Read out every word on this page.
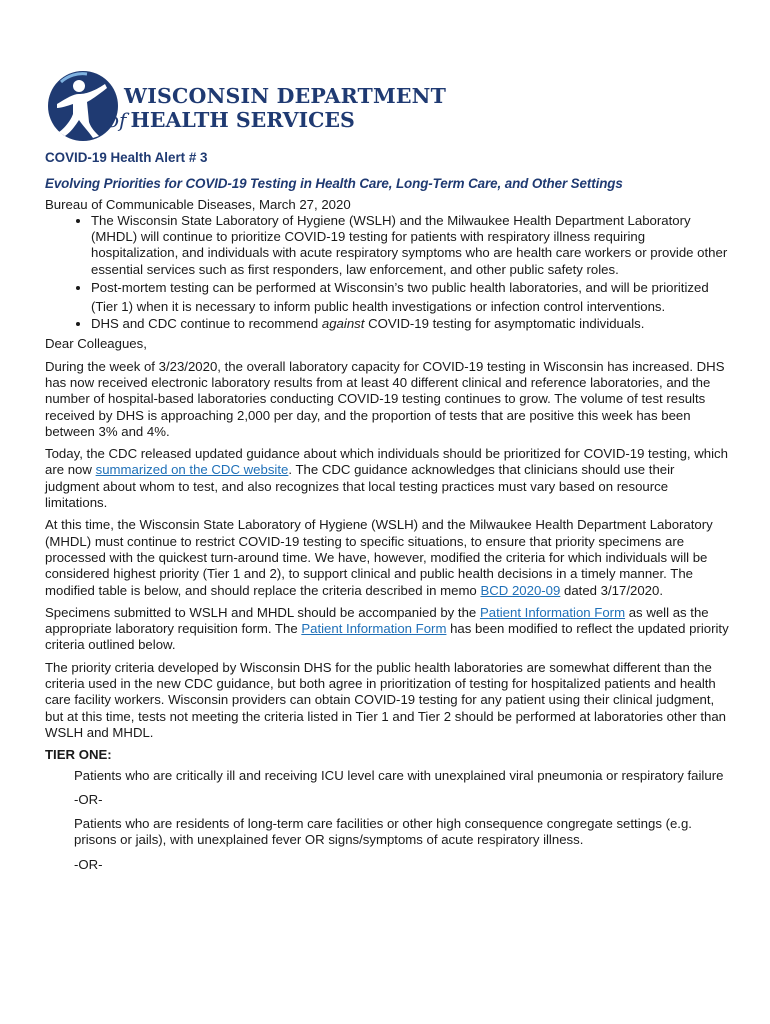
WISCONSIN DEPARTMENT
of HEALTH SERVICES
COVID-19 Health Alert # 3
Evolving Priorities for COVID-19 Testing in Health Care, Long-Term Care, and Other Settings
Bureau of Communicable Diseases, March 27, 2020
• The Wisconsin State Laboratory of Hygiene (WSLH) and the Milwaukee Health Department Laboratory (MHDL) will continue to prioritize COVID-19 testing for patients with respiratory illness requiring hospitalization, and individuals with acute respiratory symptoms who are health care workers or provide other essential services such as first responders, law enforcement, and other public safety roles.
• Post-mortem testing can be performed at Wisconsin’s two public health laboratories, and will be prioritized (Tier 1) when it is necessary to inform public health investigations or infection control interventions.
• DHS and CDC continue to recommend against COVID-19 testing for asymptomatic individuals.

Dear Colleagues,

During the week of 3/23/2020, the overall laboratory capacity for COVID-19 testing in Wisconsin has increased. DHS has now received electronic laboratory results from at least 40 different clinical and reference laboratories, and the number of hospital-based laboratories conducting COVID-19 testing continues to grow. The volume of test results received by DHS is approaching 2,000 per day, and the proportion of tests that are positive this week has been between 3% and 4%.

Today, the CDC released updated guidance about which individuals should be prioritized for COVID-19 testing, which are now summarized on the CDC website. The CDC guidance acknowledges that clinicians should use their judgment about whom to test, and also recognizes that local testing practices must vary based on resource limitations.

At this time, the Wisconsin State Laboratory of Hygiene (WSLH) and the Milwaukee Health Department Laboratory (MHDL) must continue to restrict COVID-19 testing to specific situations, to ensure that priority specimens are processed with the quickest turn-around time. We have, however, modified the criteria for which individuals will be considered highest priority (Tier 1 and 2), to support clinical and public health decisions in a timely manner. The modified table is below, and should replace the criteria described in memo BCD 2020-09 dated 3/17/2020.

Specimens submitted to WSLH and MHDL should be accompanied by the Patient Information Form as well as the appropriate laboratory requisition form. The Patient Information Form has been modified to reflect the updated priority criteria outlined below.

The priority criteria developed by Wisconsin DHS for the public health laboratories are somewhat different than the criteria used in the new CDC guidance, but both agree in prioritization of testing for hospitalized patients and health care facility workers. Wisconsin providers can obtain COVID-19 testing for any patient using their clinical judgment, but at this time, tests not meeting the criteria listed in Tier 1 and Tier 2 should be performed at laboratories other than WSLH and MHDL.

TIER ONE:

Patients who are critically ill and receiving ICU level care with unexplained viral pneumonia or respiratory failure

-OR-

Patients who are residents of long-term care facilities or other high consequence congregate settings (e.g. prisons or jails), with unexplained fever OR signs/symptoms of acute respiratory illness.

-OR-
